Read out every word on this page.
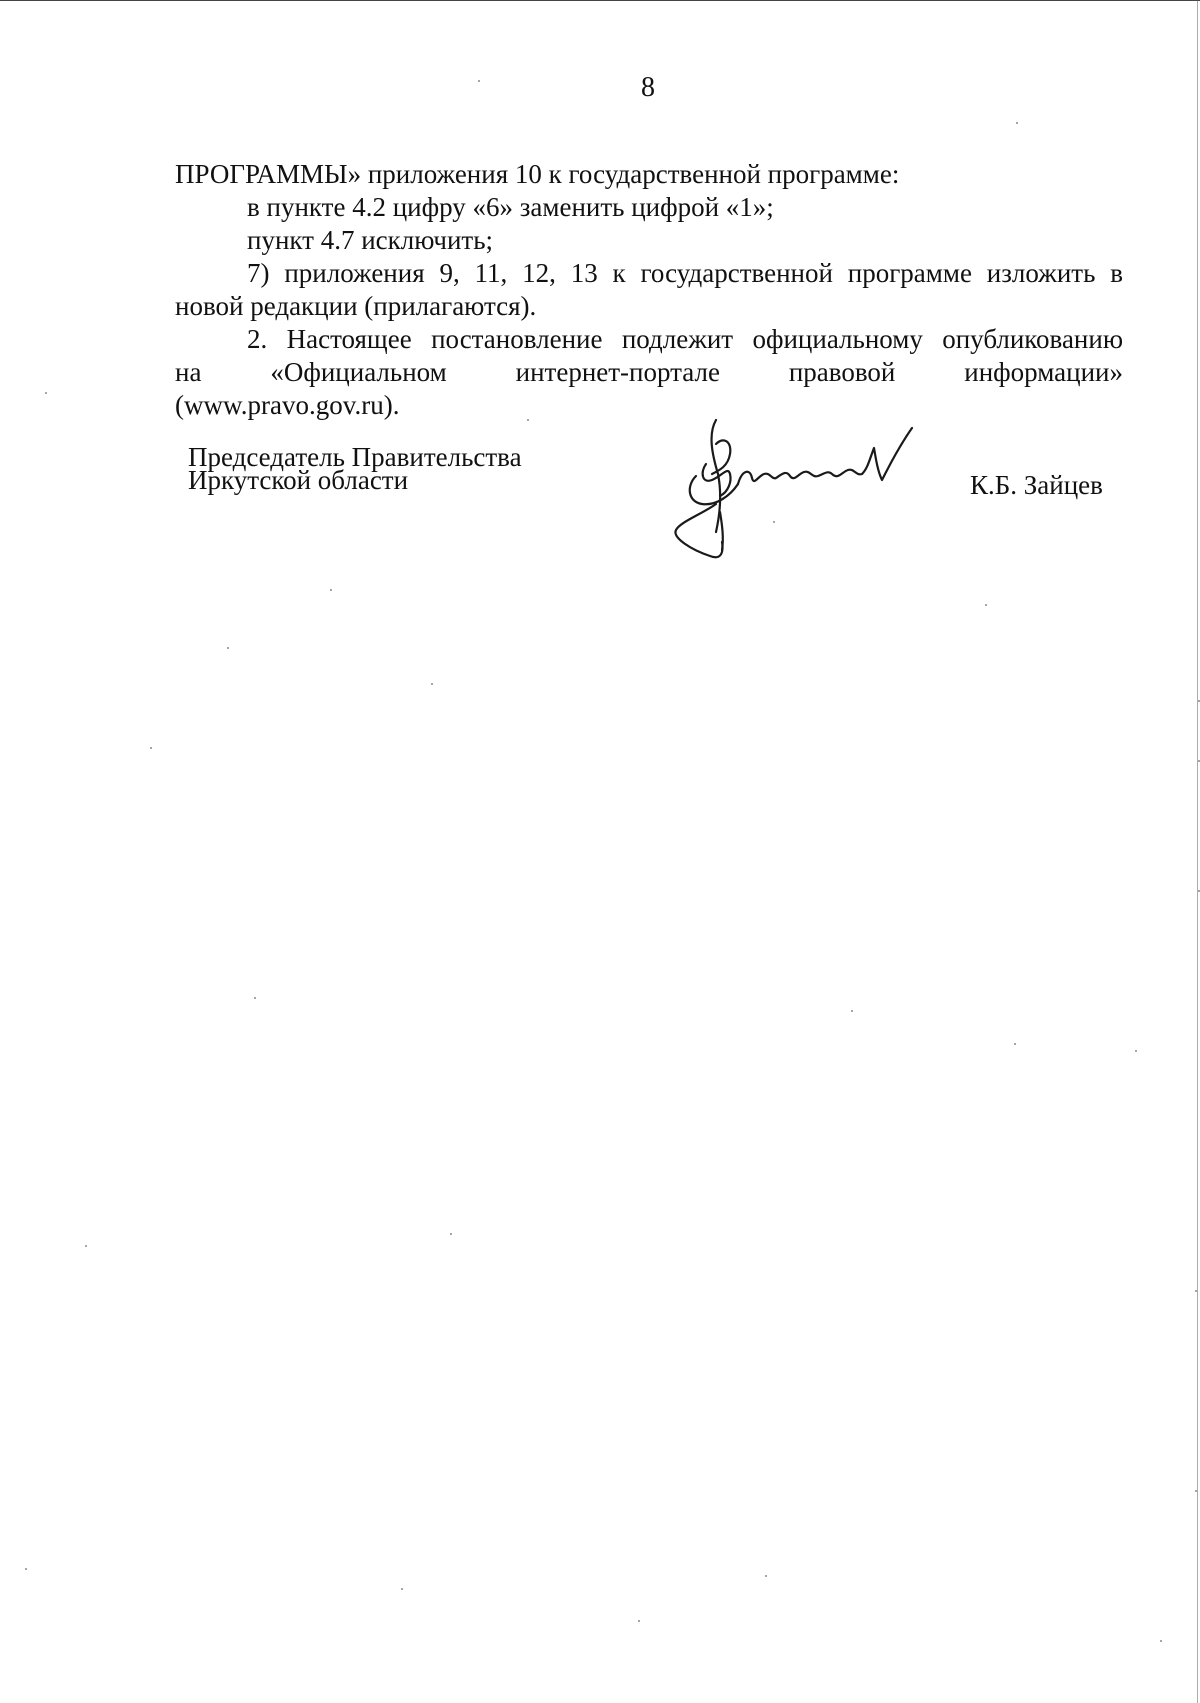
8
ПРОГРАММЫ» приложения 10 к государственной программе:
в пункте 4.2 цифру «6» заменить цифрой «1»;
пункт 4.7 исключить;
7) приложения 9, 11, 12, 13 к государственной программе изложить в
новой редакции (прилагаются).
2. Настоящее постановление подлежит официальному опубликованию
на «Официальном интернет-портале правовой информации»
(www.pravo.gov.ru).
Председатель Правительства
Иркутской области	К.Б. Зайцев
